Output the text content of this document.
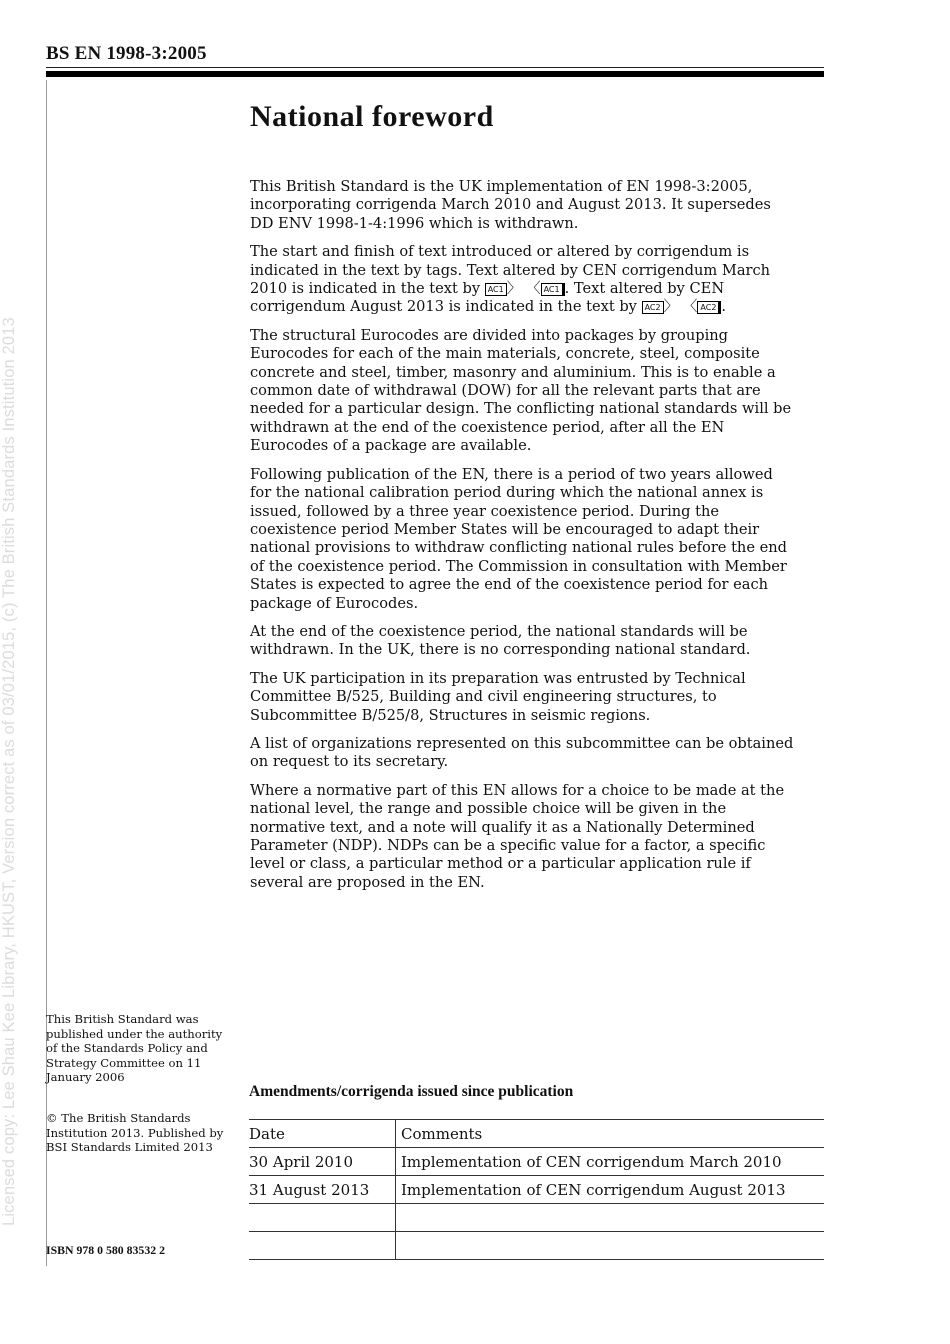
BS EN 1998-3:2005
Licensed copy: Lee Shau Kee Library, HKUST, Version correct as of 03/01/2015, (c) The British Standards Institution 2013
National foreword

This British Standard is the UK implementation of EN 1998-3:2005, incorporating corrigenda March 2010 and August 2013. It supersedes DD ENV 1998-1-4:1996 which is withdrawn.

The start and finish of text introduced or altered by corrigendum is indicated in the text by tags. Text altered by CEN corrigendum March 2010 is indicated in the text by AC1 〉 〈 AC1 . Text altered by CEN corrigendum August 2013 is indicated in the text by AC2 〉 〈 AC2 .

The structural Eurocodes are divided into packages by grouping Eurocodes for each of the main materials, concrete, steel, composite concrete and steel, timber, masonry and aluminium. This is to enable a common date of withdrawal (DOW) for all the relevant parts that are needed for a particular design. The conflicting national standards will be withdrawn at the end of the coexistence period, after all the EN Eurocodes of a package are available.

Following publication of the EN, there is a period of two years allowed for the national calibration period during which the national annex is issued, followed by a three year coexistence period. During the coexistence period Member States will be encouraged to adapt their national provisions to withdraw conflicting national rules before the end of the coexistence period. The Commission in consultation with Member States is expected to agree the end of the coexistence period for each package of Eurocodes.

At the end of the coexistence period, the national standards will be withdrawn. In the UK, there is no corresponding national standard.

The UK participation in its preparation was entrusted by Technical Committee B/525, Building and civil engineering structures, to Subcommittee B/525/8, Structures in seismic regions.

A list of organizations represented on this subcommittee can be obtained on request to its secretary.

Where a normative part of this EN allows for a choice to be made at the national level, the range and possible choice will be given in the normative text, and a note will qualify it as a Nationally Determined Parameter (NDP). NDPs can be a specific value for a factor, a specific level or class, a particular method or a particular application rule if several are proposed in the EN.

This British Standard was published under the authority of the Standards Policy and Strategy Committee on 11 January 2006
© The British Standards Institution 2013. Published by BSI Standards Limited 2013
ISBN 978 0 580 83532 2
Amendments/corrigenda issued since publication
Date	Comments
30 April 2010	Implementation of CEN corrigendum March 2010
31 August 2013	Implementation of CEN corrigendum August 2013
